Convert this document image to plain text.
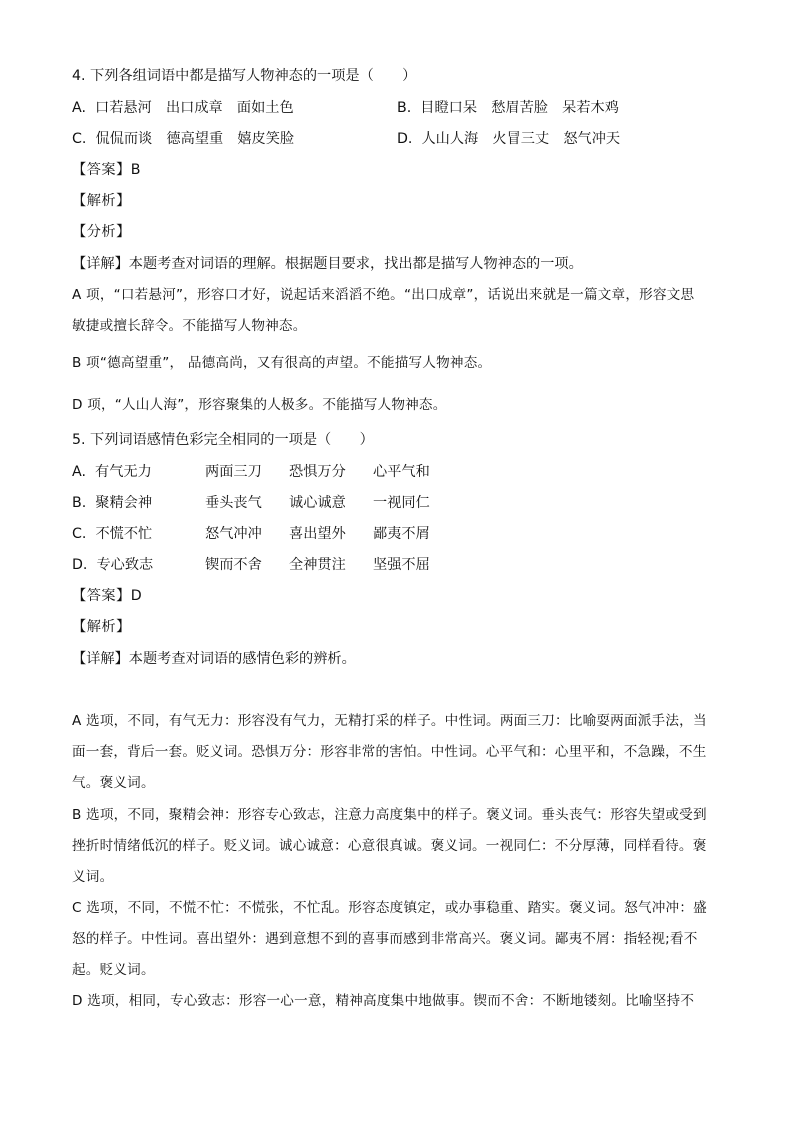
4. 下列各组词语中都是描写人物神态的一项是（　　）
A. 口若悬河　出口成章　面如土色	B. 目瞪口呆　愁眉苦脸　呆若木鸡
C. 侃侃而谈　德高望重　嬉皮笑脸	D. 人山人海　火冒三丈　怒气冲天
【答案】B
【解析】
【分析】
【详解】本题考查对词语的理解。根据题目要求，找出都是描写人物神态的一项。
A 项，“口若悬河”，形容口才好，说起话来滔滔不绝。“出口成章”，话说出来就是一篇文章，形容文思
敏捷或擅长辞令。不能描写人物神态。
B 项“德高望重”， 品德高尚，又有很高的声望。不能描写人物神态。
D 项，“人山人海”，形容聚集的人极多。不能描写人物神态。
5. 下列词语感情色彩完全相同的一项是（　　）
A. 有气无力	两面三刀 恐惧万分 心平气和
B. 聚精会神	垂头丧气 诚心诚意 一视同仁
C. 不慌不忙	怒气冲冲 喜出望外 鄙夷不屑
D. 专心致志	锲而不舍 全神贯注 坚强不屈
【答案】D
【解析】
【详解】本题考查对词语的感情色彩的辨析。
A 选项，不同，有气无力：形容没有气力，无精打采的样子。中性词。两面三刀：比喻耍两面派手法，当
面一套，背后一套。贬义词。恐惧万分：形容非常的害怕。中性词。心平气和：心里平和，不急躁，不生
气。褒义词。
B 选项，不同，聚精会神：形容专心致志，注意力高度集中的样子。褒义词。垂头丧气：形容失望或受到
挫折时情绪低沉的样子。贬义词。诚心诚意：心意很真诚。褒义词。一视同仁：不分厚薄，同样看待。褒
义词。
C 选项，不同，不慌不忙：不慌张，不忙乱。形容态度镇定，或办事稳重、踏实。褒义词。怒气冲冲：盛
怒的样子。中性词。喜出望外：遇到意想不到的喜事而感到非常高兴。褒义词。鄙夷不屑：指轻视;看不
起。贬义词。
D 选项，相同，专心致志：形容一心一意，精神高度集中地做事。锲而不舍：不断地镂刻。比喻坚持不
